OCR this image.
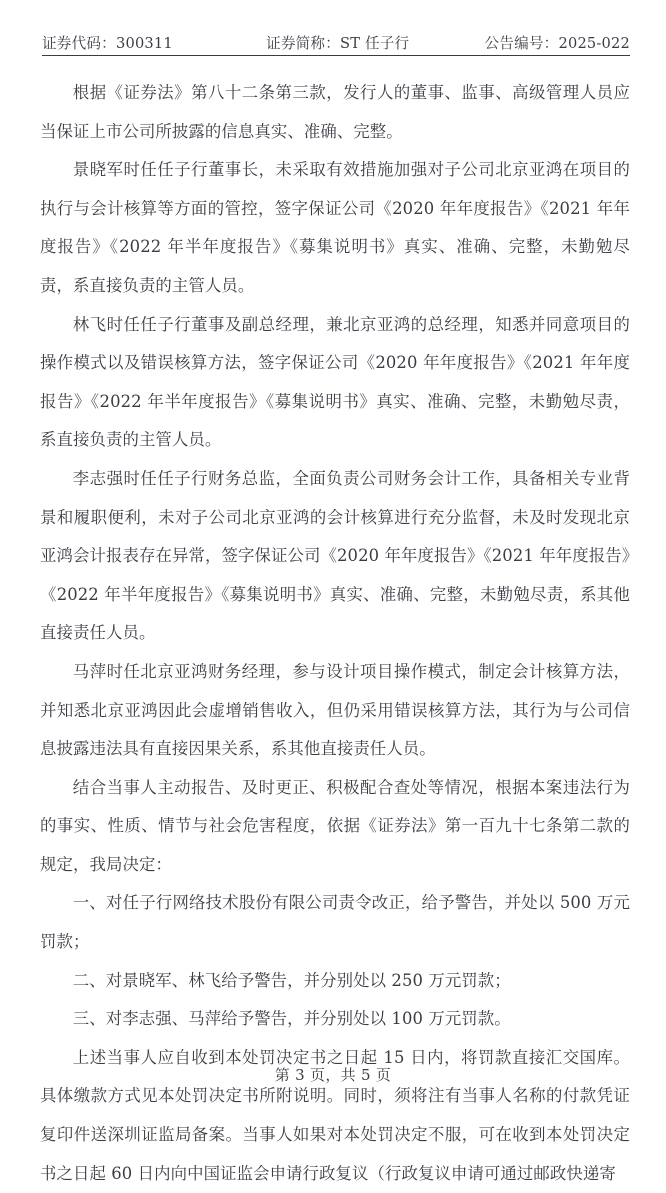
证券代码：300311	证券简称：ST 任子行	公告编号：2025-022

根据《证券法》第八十二条第三款，发行人的董事、监事、高级管理人员应当保证上市公司所披露的信息真实、准确、完整。

景晓军时任任子行董事长，未采取有效措施加强对子公司北京亚鸿在项目的执行与会计核算等方面的管控，签字保证公司《2020 年年度报告》《2021 年年度报告》《2022 年半年度报告》《募集说明书》真实、准确、完整，未勤勉尽责，系直接负责的主管人员。

林飞时任任子行董事及副总经理，兼北京亚鸿的总经理，知悉并同意项目的操作模式以及错误核算方法，签字保证公司《2020 年年度报告》《2021 年年度报告》《2022 年半年度报告》《募集说明书》真实、准确、完整，未勤勉尽责，系直接负责的主管人员。

李志强时任任子行财务总监，全面负责公司财务会计工作，具备相关专业背景和履职便利，未对子公司北京亚鸿的会计核算进行充分监督，未及时发现北京亚鸿会计报表存在异常，签字保证公司《2020 年年度报告》《2021 年年度报告》《2022 年半年度报告》《募集说明书》真实、准确、完整，未勤勉尽责，系其他直接责任人员。

马萍时任北京亚鸿财务经理，参与设计项目操作模式，制定会计核算方法，并知悉北京亚鸿因此会虚增销售收入，但仍采用错误核算方法，其行为与公司信息披露违法具有直接因果关系，系其他直接责任人员。

结合当事人主动报告、及时更正、积极配合查处等情况，根据本案违法行为的事实、性质、情节与社会危害程度，依据《证券法》第一百九十七条第二款的规定，我局决定：

一、对任子行网络技术股份有限公司责令改正，给予警告，并处以 500 万元罚款；

二、对景晓军、林飞给予警告，并分别处以 250 万元罚款；

三、对李志强、马萍给予警告，并分别处以 100 万元罚款。

上述当事人应自收到本处罚决定书之日起 15 日内，将罚款直接汇交国库。具体缴款方式见本处罚决定书所附说明。同时，须将注有当事人名称的付款凭证复印件送深圳证监局备案。当事人如果对本处罚决定不服，可在收到本处罚决定书之日起 60 日内向中国证监会申请行政复议（行政复议申请可通过邮政快递寄

第 3 页，共 5 页
